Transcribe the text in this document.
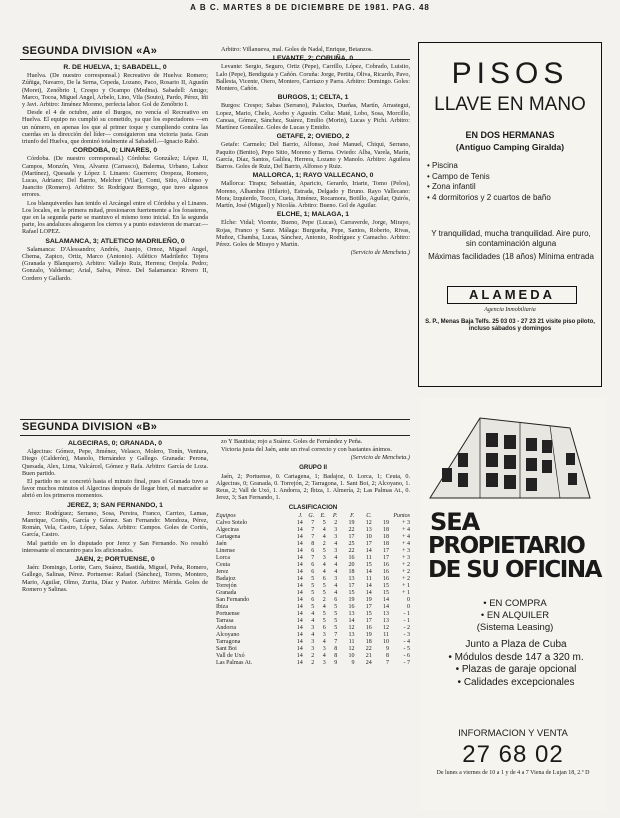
A B C. MARTES 8 DE DICIEMBRE DE 1981. PAG. 48
SEGUNDA DIVISION «A»
R. DE HUELVA, 1; SABADELL, 0

Huelva. (De nuestro corresponsal.) Recreativo de Huelva: Romero; Zúñiga, Navarro, De la Serna, Cepeda, Lozano, Paco, Rosario II, Agustín (Moret), Zenóbrio I, Crespo y Ocampo (Medina). Sabadell: Amigo; Marco, Tocoa, Miguel Angel, Arbelo, Lino, Vila (Souto), Pardo, Pérez, Iñi y Javi. Arbitro: Jiménez Moreno, perfecta labor. Gol de Zenóbrio I.

Desde el 4 de octubre, ante el Burgos, no vencía el Recreativo en Huelva. El equipo no cumplió su cometido, ya que los espectadores —en un número, en apenas los que al primer toque y cumpliendo contra las cuerdas en la dirección del líder— consiguieron una victoria justa. Gran triunfo del Huelva, que dominó totalmente al Sabadell.—Ignacio Rabó.

CORDOBA, 0; LINARES, 0

Córdoba. (De nuestro corresponsal.) Córdoba: González; López II, Campos, Monzón, Vera, Alvarez (Carrasco), Balerma, Urbano, Lahoz (Martínez), Quesada y López I. Linares: Guerrero; Oropeza, Romero, Lucas, Adriano; Del Barrio, Melchor (Vilar), Comi, Sitio, Alfonso y Juancito (Romero). Arbitro: Sr. Rodríguez Borrego, que tuvo algunos errores.

Los blanquiverdes han tenido el Arcángel entre el Córdoba y el Linares. Los locales, en la primera mitad, presionaron fuertemente a los forasteros, que en la segunda parte se mantuvo el mismo tono inicial. En la segunda parte, los andaluces ahogaron los cierres y a punto estuvieron de marcar.—Rafael LOPEZ.

SALAMANCA, 3; ATLETICO MADRILEÑO, 0

Salamanca: D'Alessandro; Andrés, Juanjo, Ornoz, Miguel Angel, Chema, Zapico, Ortiz, Marco (Antonio). Atlético Madrileño: Tejera (Granada y Blanquero). Arbitro: Vallejo Ruiz, Herrera; Orejola. Pedro; Gonzalo, Valdemar; Arial, Salva, Pérez. Del Salamanca: Rivero II, Cordero y Gallardo.

Arbitro: Villanueva, mal. Goles de Nadal, Enrique, Betanzos.

LEVANTE, 2; CORUÑA, 0

Levante: Sergio, Seguro, Ortiz (Pepe), Carrillo, López, Cobrado, Luisito, Lalo (Pepe), Bendiguia y Cañón. Coruña: Jorge, Pertita, Oliva, Ricardo, Pavo, Ballesta, Vicente, Otero, Montero, Carriazo y Parra. Arbitro: Domingo. Goles: Montero, Cañón.

BURGOS, 1; CELTA, 1

Burgos: Crespo; Sabas (Serrano), Palacios, Dueñas, Martín, Arrastegui, Lopez, Mario, Chelo, Acebo y Agustín. Celta: Maté, Lobo, Sosa, Morcillo, Canoas, Gómez, Sánchez, Suárez, Emilio (Morin), Lucas y Pichi. Arbitro: Martínez González. Goles de Lucas y Emidio.

GETAFE, 2; OVIEDO, 2

Getafe: Carmelo; Del Barrio, Alfonso, José Manuel, Chiqui, Serrano, Paquito (Benito), Pepo Sitio, Moreno y Berna. Oviedo: Alba, Varela, Marín, García, Díaz, Santos, Galilea, Herrera, Lozano y Manolo. Arbitro: Aguilera Barros. Goles de Ruiz, Del Barrio, Alfonso y Ruiz.

MALLORCA, 1; RAYO VALLECANO, 0

Mallorca: Tirapu; Sebastián, Aparicio, Gerardo, Iriarte, Tomo (Pelos), Moreno, Alhambra (Hilario), Estrada, Delgado y Bruno. Rayo Vallecano: Mora; Izquierdo, Tocco, Cueta, Jiménez, Rocamora, Botillo, Aguilar, Quirós, Martín, José (Miguel) y Nicolás. Arbitro: Bueno. Gol de Aguilar.

ELCHE, 1; MALAGA, 1

Elche: Vidal; Vicente, Bueno, Pepe (Lucas), Carraverde, Jorge, Mirayo, Rojas, Franco y Sanz. Málaga: Burgueña, Pepe, Santos, Roberto, Rivas, Muñoz, Chamba, Lucas, Sánchez, Antonio, Rodríguez y Camacho. Arbitro: Pérez. Goles de Mirayo y Martín.

(Servicio de Mencheta.)

SEGUNDA DIVISION «B»
ALGECIRAS, 0; GRANADA, 0

Algeciras: Gómez, Pepe, Jiménez, Velasco, Molero, Tonín, Ventura, Diego (Calderón), Manolo, Hernández y Gallego. Granada: Perona, Quesada, Alex, Lima, Valcárcel, Gómez y Rafa. Arbitro: García de Loza. Buen partido.

El partido no se concretó hasta el minuto final, pues el Granada tuvo a favor muchos minutos el Algeciras después de llegar bien, el marcador se abrió en los primeros momentos.

JEREZ, 3; SAN FERNANDO, 1

Jerez: Rodríguez; Serrano, Sosa, Pereira, Franco, Carrizo, Lamas, Manrique, Cortés, García y Gómez. San Fernando: Mendoza, Pérez, Román, Vela, Castro, López, Salas. Arbitro: Campos. Goles de Cortés, García, Castro.

Mal partido en lo disputado por Jerez y San Fernando. No resultó interesante el encuentro para los aficionados.

JAEN, 2; PORTUENSE, 0

Jaén: Domingo, Lorite, Caro, Suárez, Bastida, Miguel, Peña, Romero, Gallego, Salinas, Pérez. Portuense: Rafael (Sánchez), Torres, Montero, Mario, Aguilar, Olmo, Zurita, Díaz y Pastor. Arbitro: Mérida. Goles de Romero y Salinas.

zo Y Bautista; rojo a Suárez. Goles de Fernández y Peña.

Victoria justa del Jaén, ante un rival correcto y con bastantes ánimos.

(Servicio de Mencheta.)

GRUPO II

Jaén, 2; Portuense, 0. Cartagena, 1; Badajoz, 0. Lorca, 1; Ceuta, 0. Algeciras, 0; Granada, 0. Torrejón, 2; Tarragona, 1. Sant Boi, 2; Alcoyano, 1. Reus, 2; Vall de Uxó, 1. Andorra, 2; Ibiza, 1. Almería, 2; Las Palmas At., 0. Jerez, 3; San Fernando, 1.

CLASIFICACION

Equipos	J.	G.	E.	P.	F.	C.	Puntos	
Calvo Sotelo	14	7	5	2	19	12	19	+ 3
Algeciras	14	7	4	3	22	13	18	+ 4
Cartagena	14	7	4	3	17	10	18	+ 4
Jaén	14	8	2	4	25	17	18	+ 4
Linense	14	6	5	3	22	14	17	+ 3
Lorca	14	7	3	4	16	11	17	+ 3
Ceuta	14	6	4	4	20	15	16	+ 2
Jerez	14	6	4	4	18	14	16	+ 2
Badajoz	14	5	6	3	13	11	16	+ 2
Torrejón	14	5	5	4	17	14	15	+ 1
Granada	14	5	5	4	15	14	15	+ 1
San Fernando	14	6	2	6	19	19	14	0
Ibiza	14	5	4	5	16	17	14	0
Portuense	14	4	5	5	13	15	13	- 1
Tarrasa	14	4	5	5	14	17	13	- 1
Andorra	14	3	6	5	12	16	12	- 2
Alcoyano	14	4	3	7	13	19	11	- 3
Tarragona	14	3	4	7	11	18	10	- 4
Sant Boi	14	3	3	8	12	22	9	- 5
Vall de Uxó	14	2	4	8	10	21	8	- 6
Las Palmas At.	14	2	3	9	9	24	7	- 7
PISOS
LLAVE EN MANO
EN DOS HERMANAS
(Antiguo Camping Giralda)
• Piscina
• Campo de Tenis
• Zona infantil
• 4 dormitorios y 2 cuartos de baño
Y tranquilidad, mucha tranquilidad. Aire puro, sin contaminación alguna
Máximas facilidades (18 años) Mínima entrada
ALAMEDA
Agencia Inmobiliaria
S. P., Menas Baja Telfs. 25 03 03 - 27 23 21 visite piso piloto, incluso sábados y domingos
SEA
PROPIETARIO DE SU OFICINA
• EN COMPRA
• EN ALQUILER
(Sistema Leasing)
Junto a Plaza de Cuba
• Módulos desde 147 a 320 m.
• Plazas de garaje opcional
• Calidades excepcionales
INFORMACION Y VENTA
27 68 02
De lunes a viernes de 10 a 1 y de 4 a 7 Viena de Lujan 18, 2.º D
